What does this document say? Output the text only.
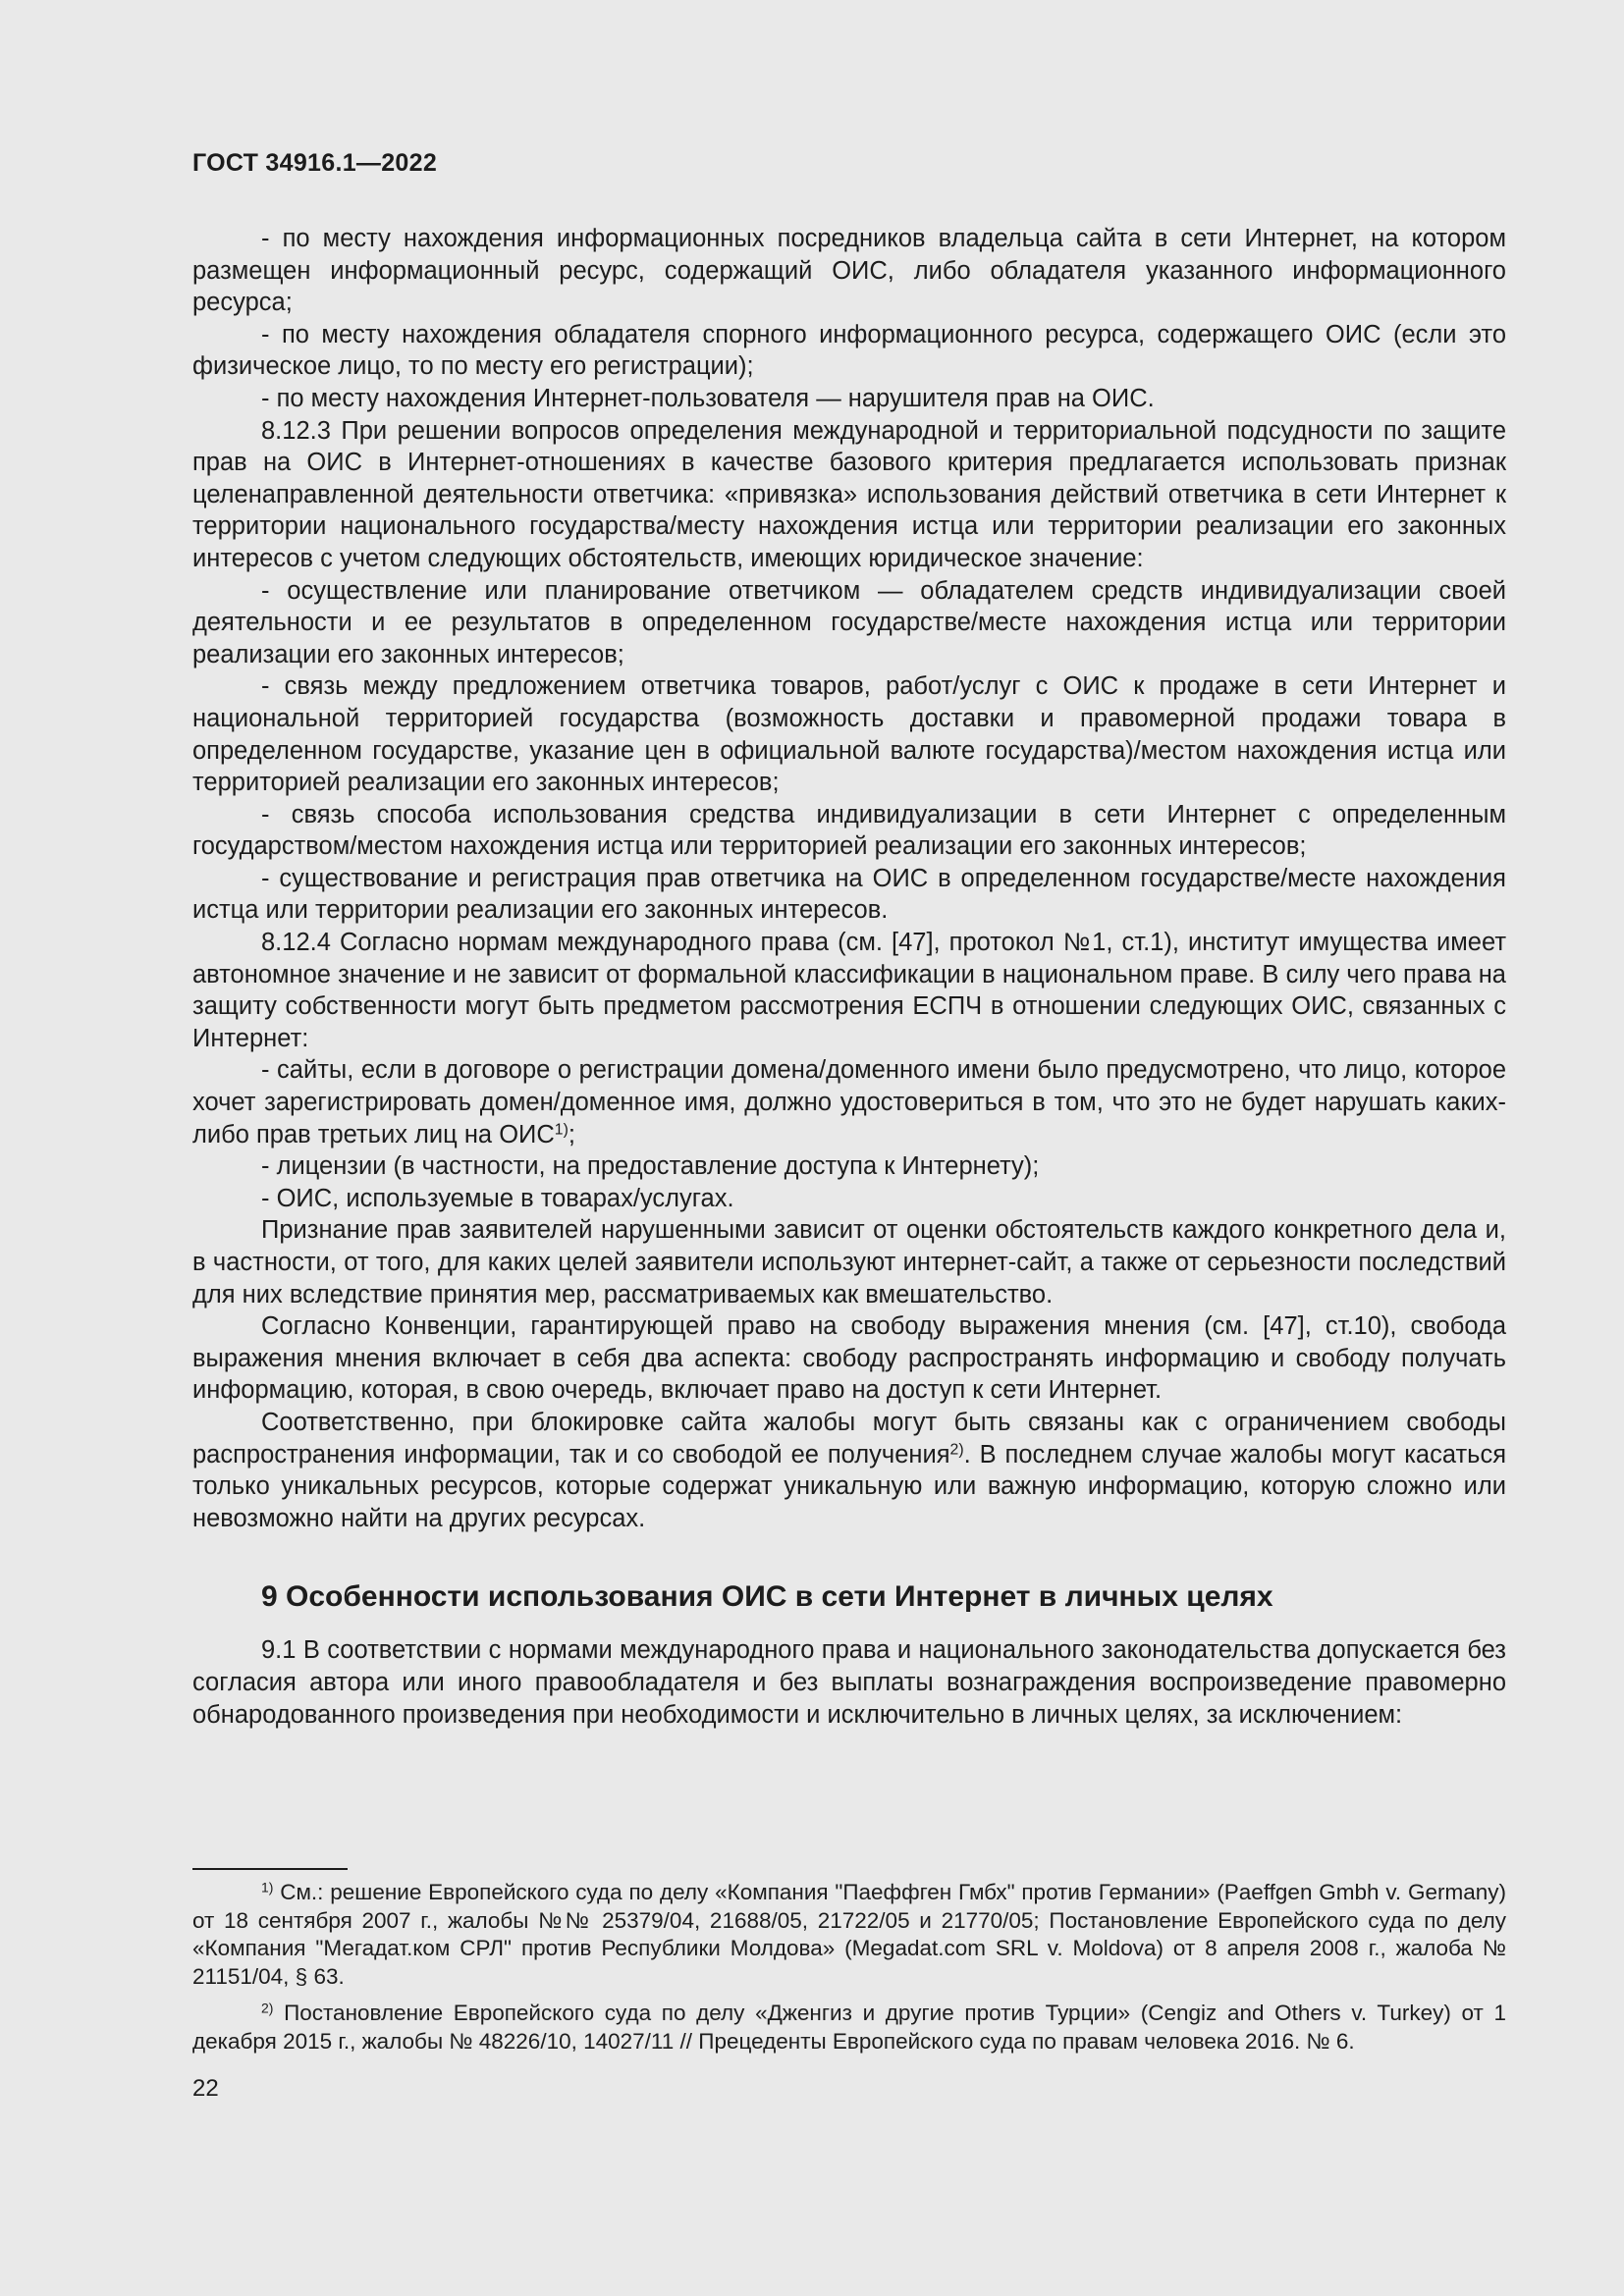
ГОСТ 34916.1—2022

- по месту нахождения информационных посредников владельца сайта в сети Интернет, на котором размещен информационный ресурс, содержащий ОИС, либо обладателя указанного информационного ресурса;

- по месту нахождения обладателя спорного информационного ресурса, содержащего ОИС (если это физическое лицо, то по месту его регистрации);

- по месту нахождения Интернет-пользователя — нарушителя прав на ОИС.

8.12.3 При решении вопросов определения международной и территориальной подсудности по защите прав на ОИС в Интернет-отношениях в качестве базового критерия предлагается использовать признак целенаправленной деятельности ответчика: «привязка» использования действий ответчика в сети Интернет к территории национального государства/месту нахождения истца или территории реализации его законных интересов с учетом следующих обстоятельств, имеющих юридическое значение:

- осуществление или планирование ответчиком — обладателем средств индивидуализации своей деятельности и ее результатов в определенном государстве/месте нахождения истца или территории реализации его законных интересов;

- связь между предложением ответчика товаров, работ/услуг с ОИС к продаже в сети Интернет и национальной территорией государства (возможность доставки и правомерной продажи товара в определенном государстве, указание цен в официальной валюте государства)/местом нахождения истца или территорией реализации его законных интересов;

- связь способа использования средства индивидуализации в сети Интернет с определенным государством/местом нахождения истца или территорией реализации его законных интересов;

- существование и регистрация прав ответчика на ОИС в определенном государстве/месте нахождения истца или территории реализации его законных интересов.

8.12.4 Согласно нормам международного права (см. [47], протокол №1, ст.1), институт имущества имеет автономное значение и не зависит от формальной классификации в национальном праве. В силу чего права на защиту собственности могут быть предметом рассмотрения ЕСПЧ в отношении следующих ОИС, связанных с Интернет:

- сайты, если в договоре о регистрации домена/доменного имени было предусмотрено, что лицо, которое хочет зарегистрировать домен/доменное имя, должно удостовериться в том, что это не будет нарушать каких-либо прав третьих лиц на ОИС$^{1)}$;

- лицензии (в частности, на предоставление доступа к Интернету);

- ОИС, используемые в товарах/услугах.

Признание прав заявителей нарушенными зависит от оценки обстоятельств каждого конкретного дела и, в частности, от того, для каких целей заявители используют интернет-сайт, а также от серьезности последствий для них вследствие принятия мер, рассматриваемых как вмешательство.

Согласно Конвенции, гарантирующей право на свободу выражения мнения (см. [47], ст.10), свобода выражения мнения включает в себя два аспекта: свободу распространять информацию и свободу получать информацию, которая, в свою очередь, включает право на доступ к сети Интернет.

Соответственно, при блокировке сайта жалобы могут быть связаны как с ограничением свободы распространения информации, так и со свободой ее получения$^{2)}$. В последнем случае жалобы могут касаться только уникальных ресурсов, которые содержат уникальную или важную информацию, которую сложно или невозможно найти на других ресурсах.

9 Особенности использования ОИС в сети Интернет в личных целях

9.1 В соответствии с нормами международного права и национального законодательства допускается без согласия автора или иного правообладателя и без выплаты вознаграждения воспроизведение правомерно обнародованного произведения при необходимости и исключительно в личных целях, за исключением:

$^{1)}$ См.: решение Европейского суда по делу «Компания "Паеффген Гмбх" против Германии» (Paeffgen Gmbh v. Germany) от 18 сентября 2007 г., жалобы №№ 25379/04, 21688/05, 21722/05 и 21770/05; Постановление Европейского суда по делу «Компания "Мегадат.ком СРЛ" против Республики Молдова» (Megadat.com SRL v. Moldova) от 8 апреля 2008 г., жалоба № 21151/04, § 63.

$^{2)}$ Постановление Европейского суда по делу «Дженгиз и другие против Турции» (Cengiz and Others v. Turkey) от 1 декабря 2015 г., жалобы № 48226/10, 14027/11 // Прецеденты Европейского суда по правам человека 2016. № 6.

22
